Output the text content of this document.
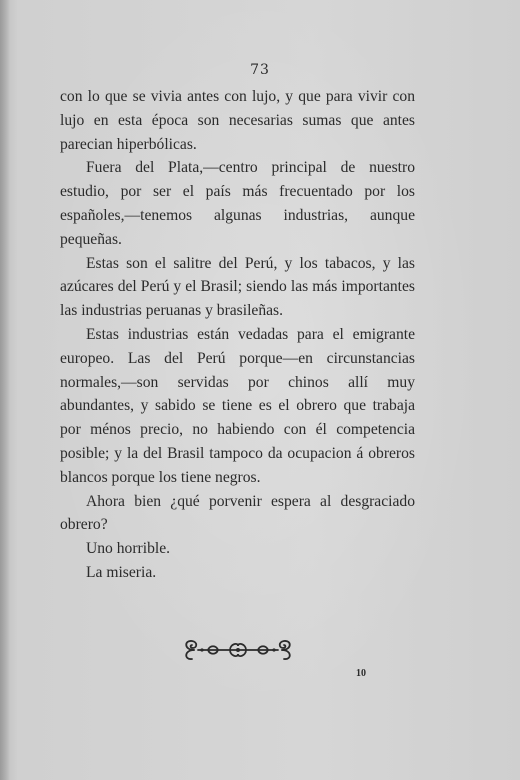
73

con lo que se vivia antes con lujo, y que para vivir con lujo en esta época son necesarias sumas que antes parecian hiperbólicas.

Fuera del Plata,—centro principal de nuestro estudio, por ser el país más frecuentado por los españoles,—tenemos algunas industrias, aunque pequeñas.

Estas son el salitre del Perú, y los tabacos, y las azúcares del Perú y el Brasil; siendo las más importantes las industrias peruanas y brasileñas.

Estas industrias están vedadas para el emigrante europeo. Las del Perú porque—en circunstancias normales,—son servidas por chinos allí muy abundantes, y sabido se tiene es el obrero que trabaja por ménos precio, no habiendo con él competencia posible; y la del Brasil tampoco da ocupacion á obreros blancos porque los tiene negros.

Ahora bien ¿qué porvenir espera al desgraciado obrero?

Uno horrible.

La miseria.

10
